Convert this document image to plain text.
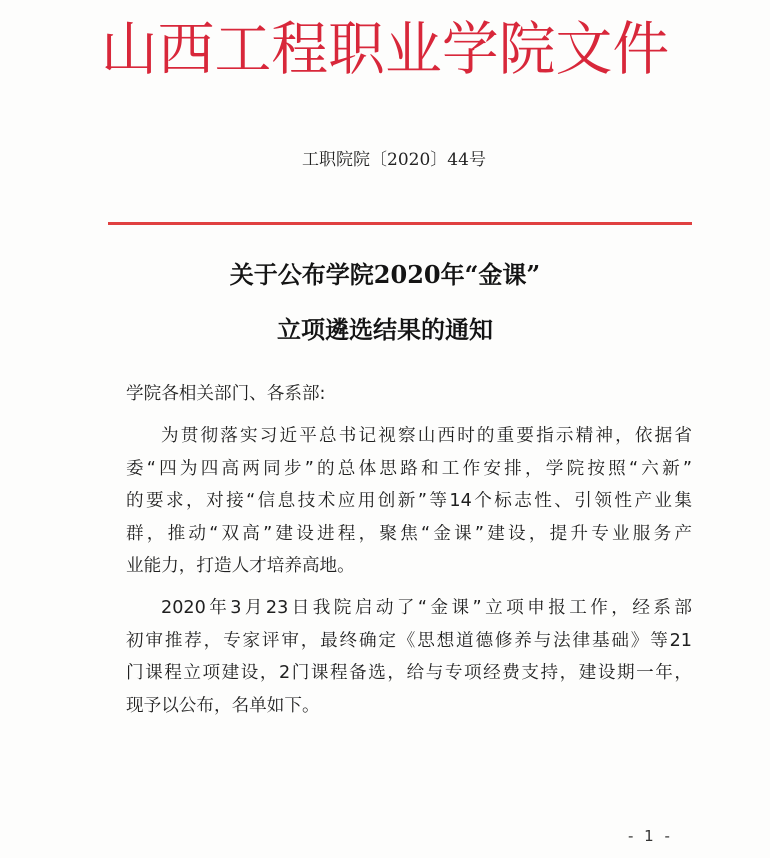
山西工程职业学院文件
工职院院〔2020〕44号
关于公布学院2020年“金课”
立项遴选结果的通知
学院各相关部门、各系部:
为贯彻落实习近平总书记视察山西时的重要指示精神，依据省
委“四为四高两同步”的总体思路和工作安排，学院按照“六新”
的要求，对接“信息技术应用创新”等14个标志性、引领性产业集
群，推动“双高”建设进程，聚焦“金课”建设，提升专业服务产
业能力，打造人才培养高地。
2020年3月23日我院启动了“金课”立项申报工作，经系部
初审推荐，专家评审，最终确定《思想道德修养与法律基础》等21
门课程立项建设，2门课程备选，给与专项经费支持，建设期一年，
现予以公布，名单如下。
- 1 -
